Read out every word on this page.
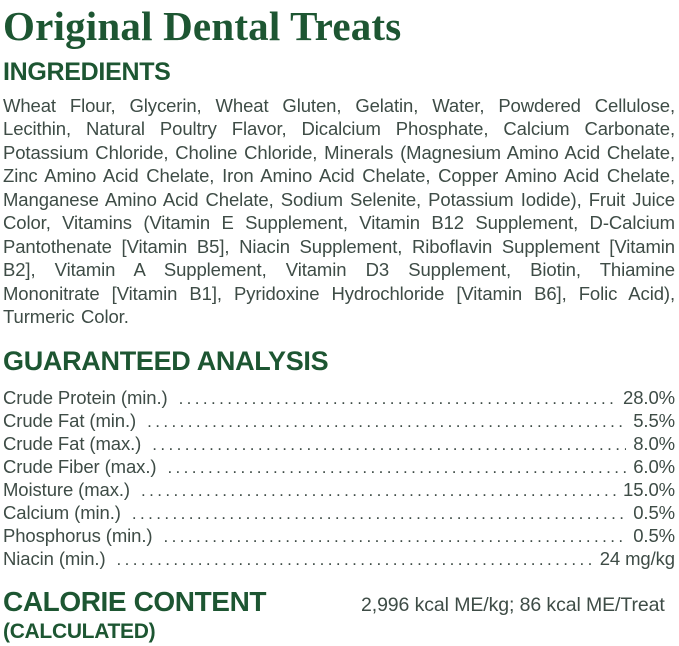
Original Dental Treats
INGREDIENTS

Wheat Flour, Glycerin, Wheat Gluten, Gelatin, Water, Powdered Cellulose, Lecithin, Natural Poultry Flavor, Dicalcium Phosphate, Calcium Carbonate, Potassium Chloride, Choline Chloride, Minerals (Magnesium Amino Acid Chelate, Zinc Amino Acid Chelate, Iron Amino Acid Chelate, Copper Amino Acid Chelate, Manganese Amino Acid Chelate, Sodium Selenite, Potassium Iodide), Fruit Juice Color, Vitamins (Vitamin E Supplement, Vitamin B12 Supplement, D-Calcium Pantothenate [Vitamin B5], Niacin Supplement, Riboflavin Supplement [Vitamin B2], Vitamin A Supplement, Vitamin D3 Supplement, Biotin, Thiamine Mononitrate [Vitamin B1], Pyridoxine Hydrochloride [Vitamin B6], Folic Acid), Turmeric Color.

GUARANTEED ANALYSIS
Crude Protein (min.) .....	28.0%
Crude Fat (min.) .....	5.5%
Crude Fat (max.) .....	8.0%
Crude Fiber (max.) .....	6.0%
Moisture (max.) .....	15.0%
Calcium (min.) .....	0.5%
Phosphorus (min.) .....	0.5%
Niacin (min.) .....	24 mg/kg
CALORIE CONTENT
(CALCULATED)
2,996 kcal ME/kg; 86 kcal ME/Treat
